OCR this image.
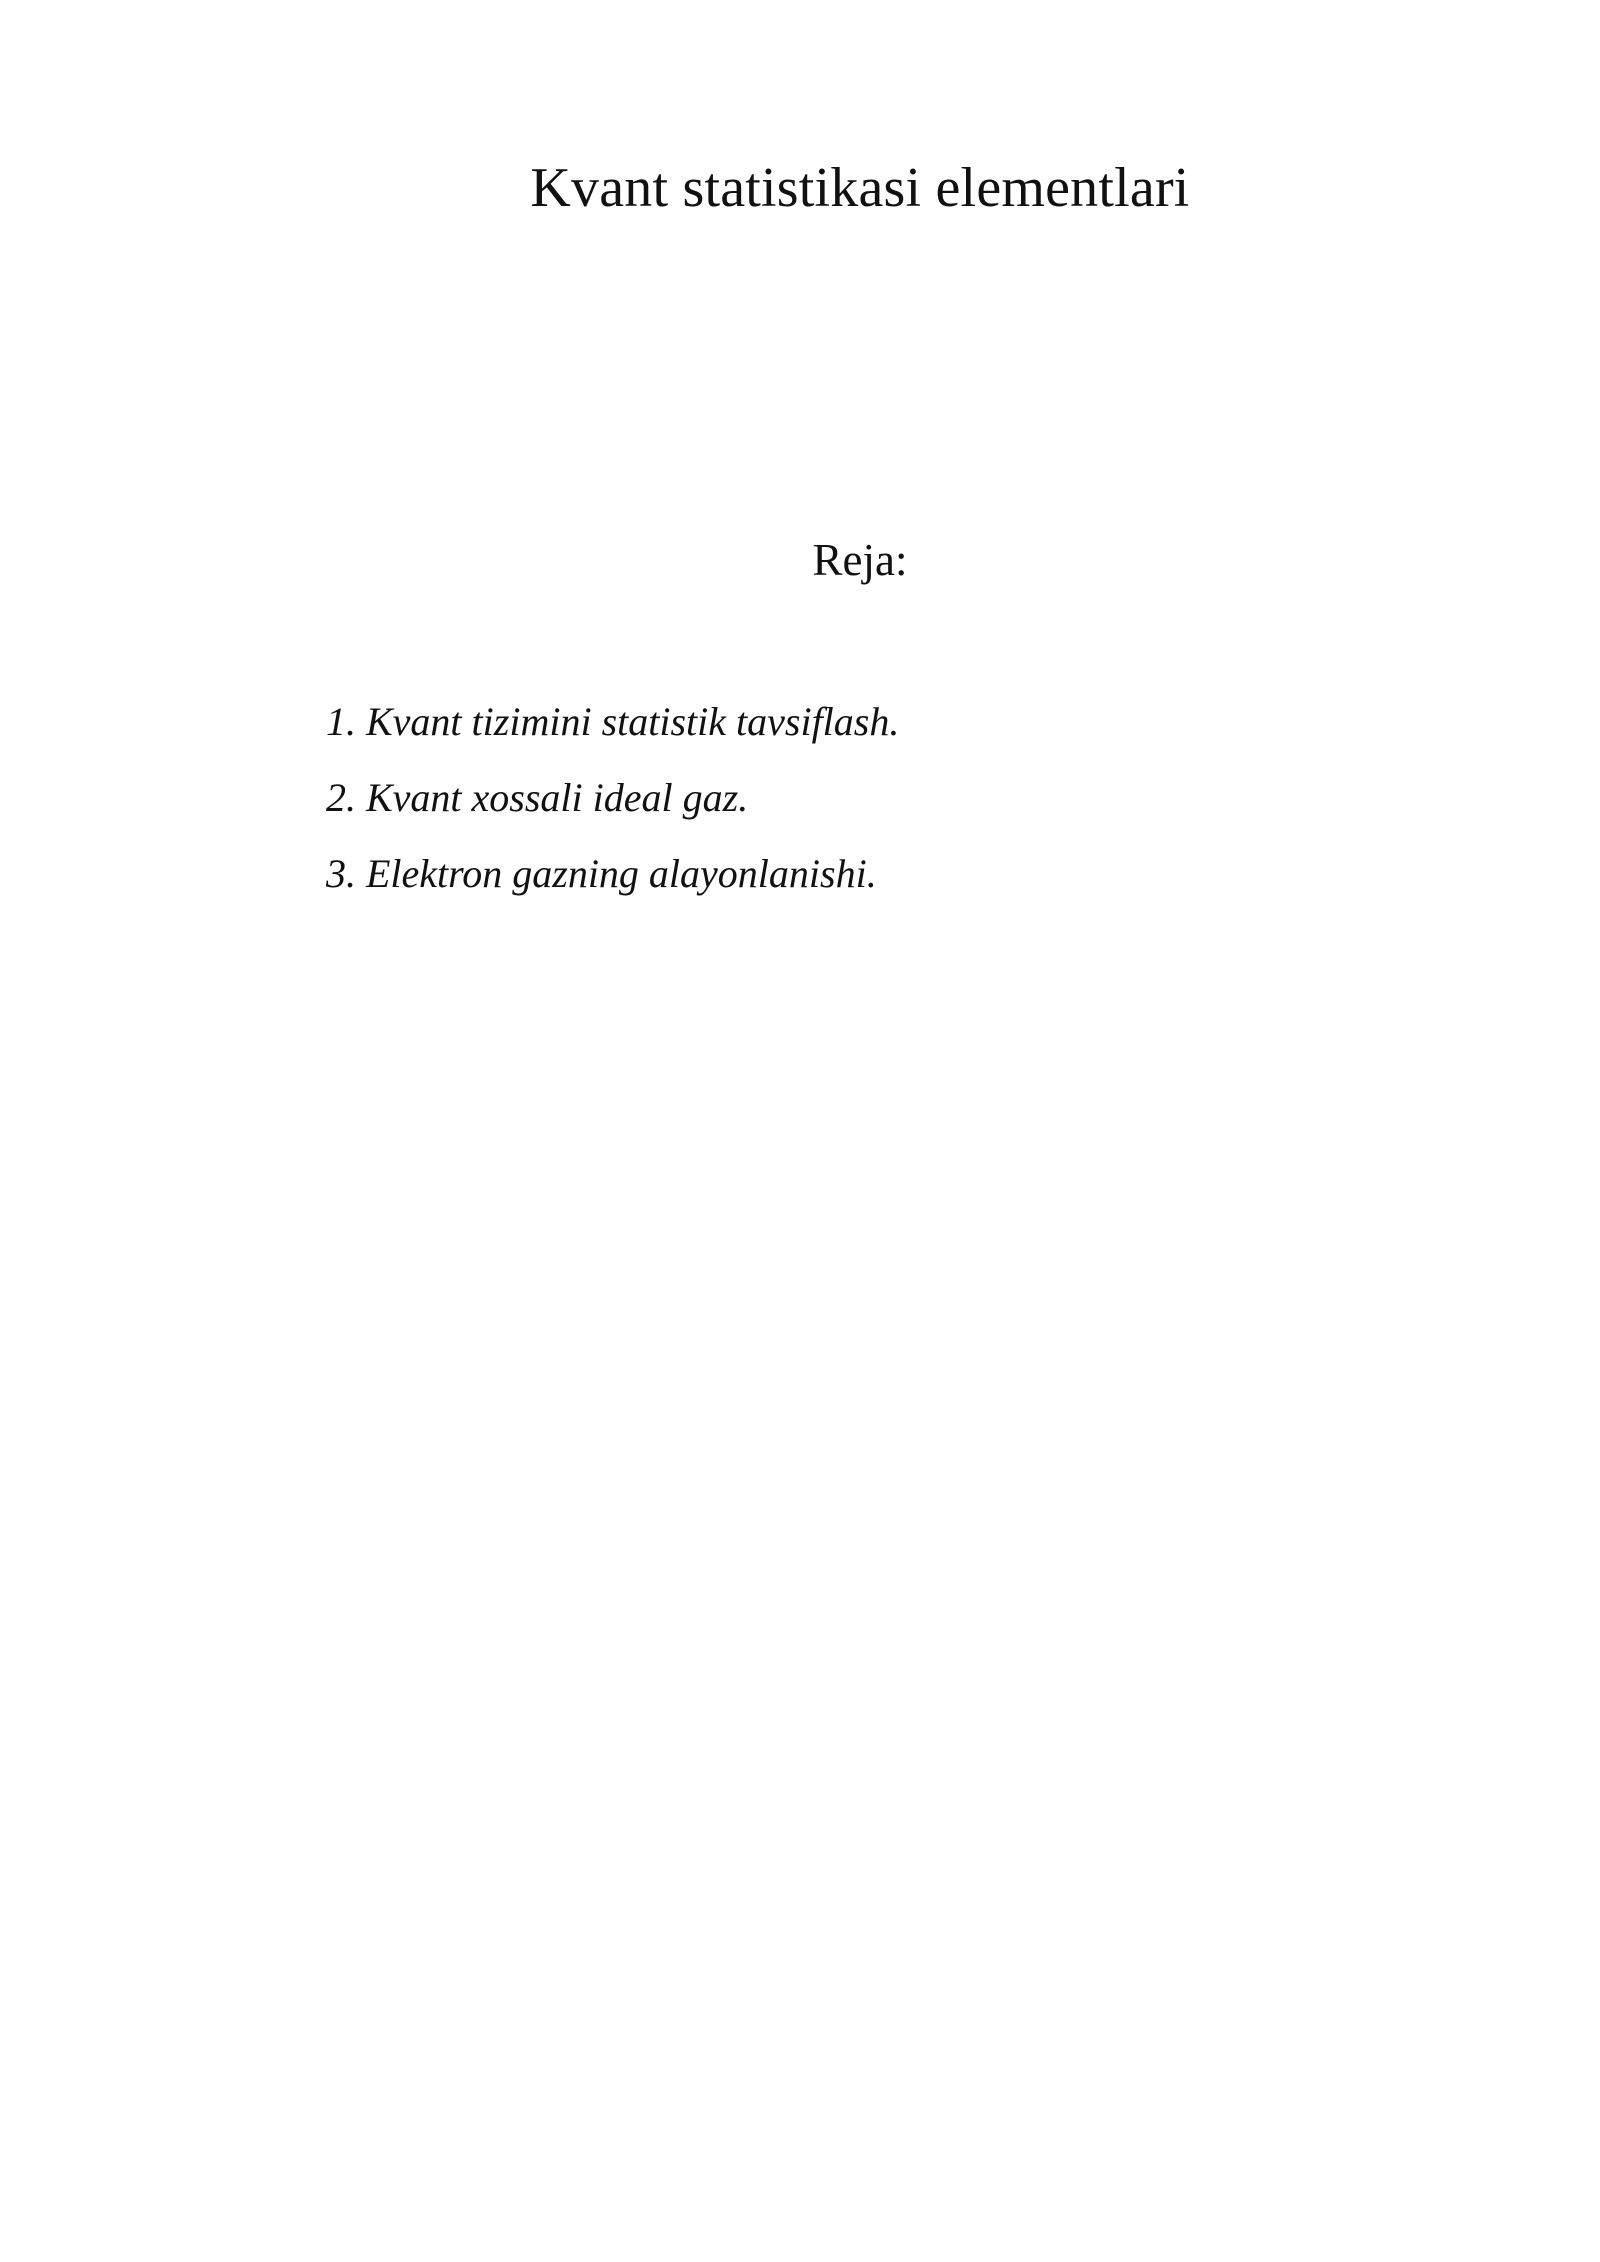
Kvant statistikasi elementlari
Reja:
1. Kvant tizimini statistik tavsiflash.
2. Kvant xossali ideal gaz.
3. Elektron gazning alayonlanishi.
